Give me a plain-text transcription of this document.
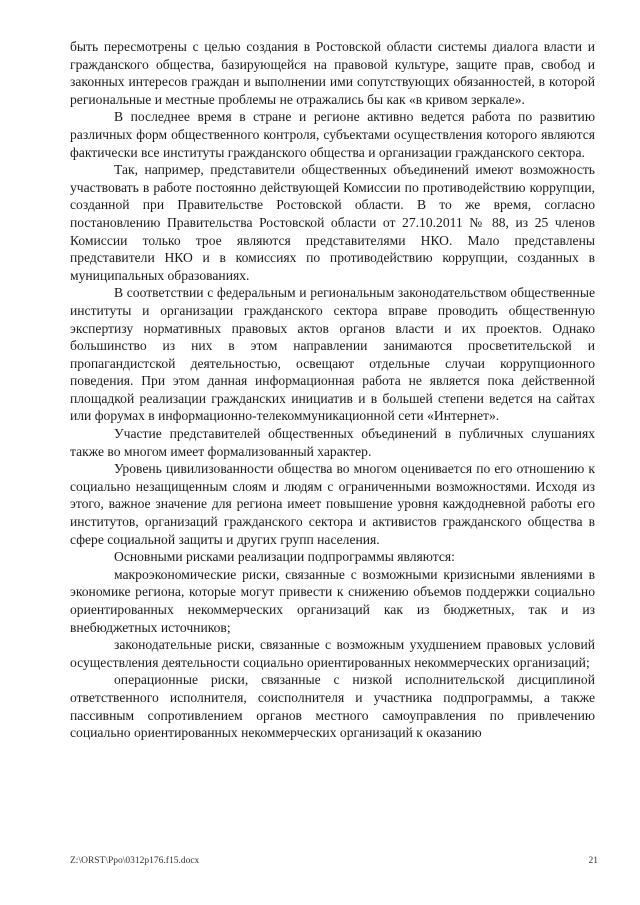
быть пересмотрены с целью создания в Ростовской области системы диалога власти и гражданского общества, базирующейся на правовой культуре, защите прав, свобод и законных интересов граждан и выполнении ими сопутствующих обязанностей, в которой региональные и местные проблемы не отражались бы как «в кривом зеркале».

В последнее время в стране и регионе активно ведется работа по развитию различных форм общественного контроля, субъектами осуществления которого являются фактически все институты гражданского общества и организации гражданского сектора.

Так, например, представители общественных объединений имеют возможность участвовать в работе постоянно действующей Комиссии по противодействию коррупции, созданной при Правительстве Ростовской области. В то же время, согласно постановлению Правительства Ростовской области от 27.10.2011 № 88, из 25 членов Комиссии только трое являются представителями НКО. Мало представлены представители НКО и в комиссиях по противодействию коррупции, созданных в муниципальных образованиях.

В соответствии с федеральным и региональным законодательством общественные институты и организации гражданского сектора вправе проводить общественную экспертизу нормативных правовых актов органов власти и их проектов. Однако большинство из них в этом направлении занимаются просветительской и пропагандистской деятельностью, освещают отдельные случаи коррупционного поведения. При этом данная информационная работа не является пока действенной площадкой реализации гражданских инициатив и в большей степени ведется на сайтах или форумах в информационно-телекоммуникационной сети «Интернет».

Участие представителей общественных объединений в публичных слушаниях также во многом имеет формализованный характер.

Уровень цивилизованности общества во многом оценивается по его отношению к социально незащищенным слоям и людям с ограниченными возможностями. Исходя из этого, важное значение для региона имеет повышение уровня каждодневной работы его институтов, организаций гражданского сектора и активистов гражданского общества в сфере социальной защиты и других групп населения.

Основными рисками реализации подпрограммы являются:

макроэкономические риски, связанные с возможными кризисными явлениями в экономике региона, которые могут привести к снижению объемов поддержки социально ориентированных некоммерческих организаций как из бюджетных, так и из внебюджетных источников;

законодательные риски, связанные с возможным ухудшением правовых условий осуществления деятельности социально ориентированных некоммерческих организаций;

операционные риски, связанные с низкой исполнительской дисциплиной ответственного исполнителя, соисполнителя и участника подпрограммы, а также пассивным сопротивлением органов местного самоуправления по привлечению социально ориентированных некоммерческих организаций к оказанию

Z:\ORST\Ppo\0312p176.f15.docx	21
